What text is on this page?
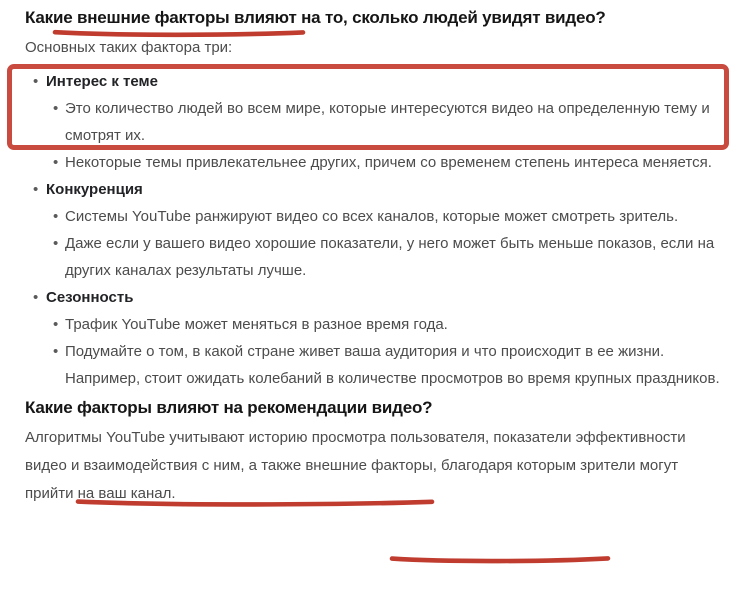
Какие внешние факторы влияют на то, сколько людей увидят видео?

Основных таких фактора три:

• Интерес к теме
• Это количество людей во всем мире, которые интересуются видео на определенную тему и смотрят их.
• Некоторые темы привлекательнее других, причем со временем степень интереса меняется.
• Конкуренция
• Системы YouTube ранжируют видео со всех каналов, которые может смотреть зритель.
• Даже если у вашего видео хорошие показатели, у него может быть меньше показов, если на других каналах результаты лучше.
• Сезонность
• Трафик YouTube может меняться в разное время года.
• Подумайте о том, в какой стране живет ваша аудитория и что происходит в ее жизни. Например, стоит ожидать колебаний в количестве просмотров во время крупных праздников.
Какие факторы влияют на рекомендации видео?

Алгоритмы YouTube учитывают историю просмотра пользователя, показатели эффективности видео и взаимодействия с ним, а также внешние факторы, благодаря которым зрители могут прийти на ваш канал.
